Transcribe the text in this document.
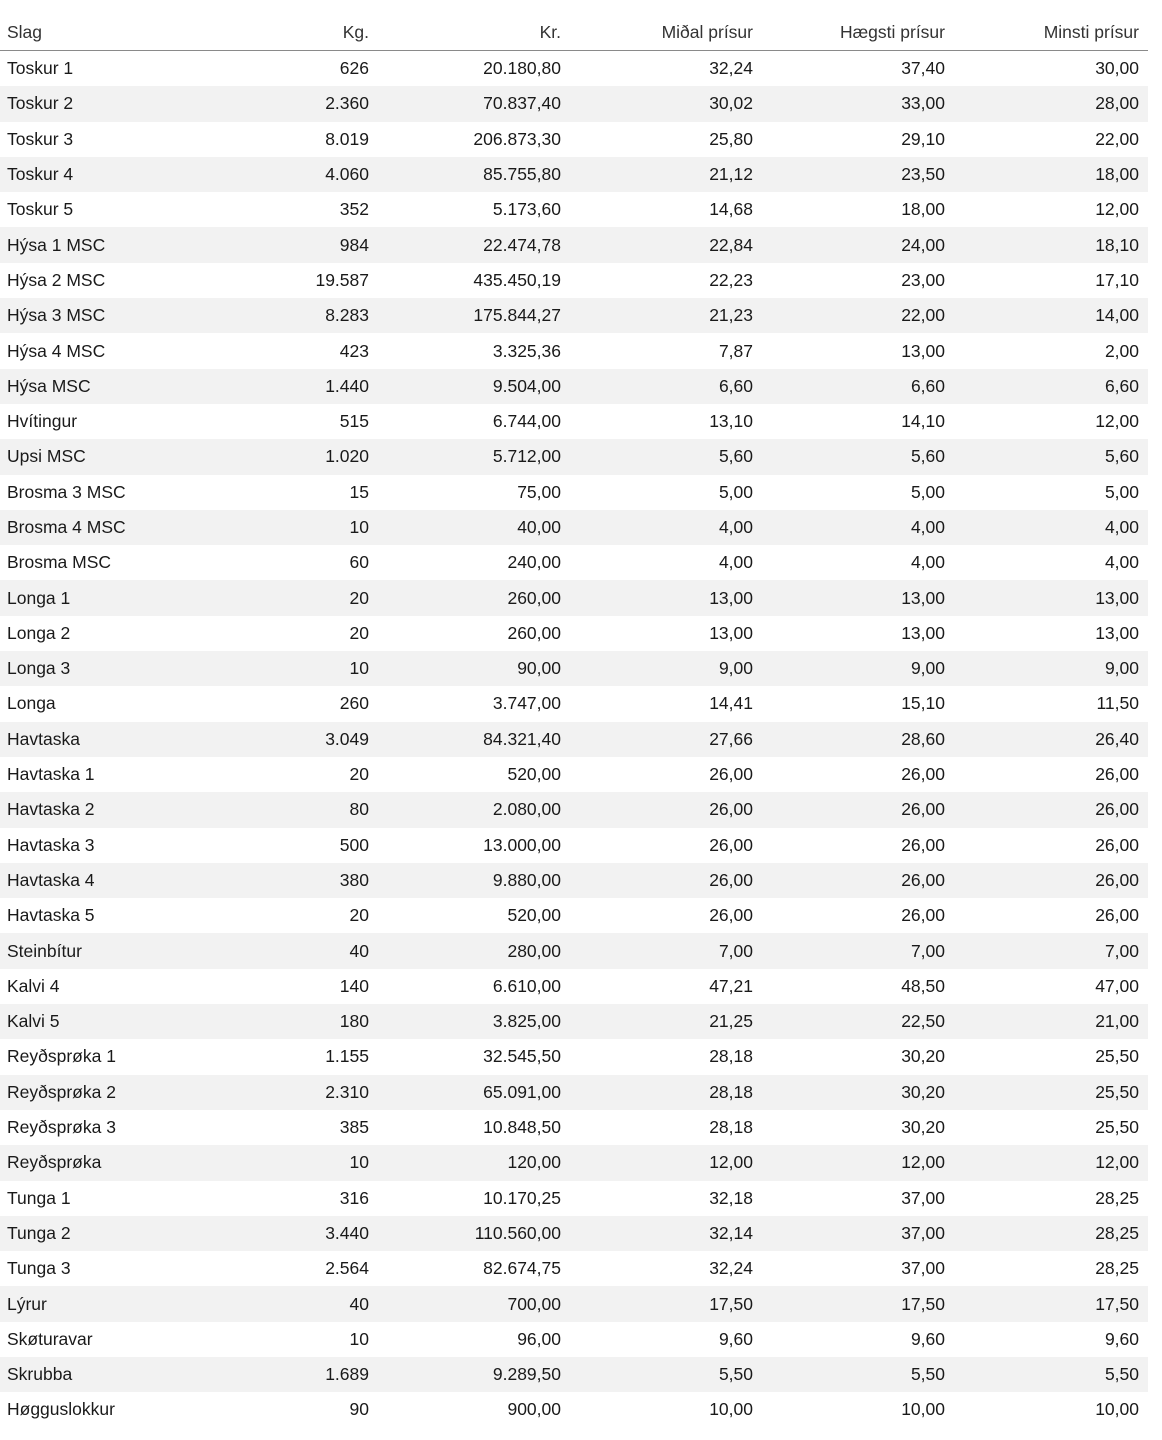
Slag	Kg.	Kr.	Miðal prísur	Hægsti prísur	Minsti prísur
Toskur 1	626	20.180,80	32,24	37,40	30,00
Toskur 2	2.360	70.837,40	30,02	33,00	28,00
Toskur 3	8.019	206.873,30	25,80	29,10	22,00
Toskur 4	4.060	85.755,80	21,12	23,50	18,00
Toskur 5	352	5.173,60	14,68	18,00	12,00
Hýsa 1 MSC	984	22.474,78	22,84	24,00	18,10
Hýsa 2 MSC	19.587	435.450,19	22,23	23,00	17,10
Hýsa 3 MSC	8.283	175.844,27	21,23	22,00	14,00
Hýsa 4 MSC	423	3.325,36	7,87	13,00	2,00
Hýsa MSC	1.440	9.504,00	6,60	6,60	6,60
Hvítingur	515	6.744,00	13,10	14,10	12,00
Upsi MSC	1.020	5.712,00	5,60	5,60	5,60
Brosma 3 MSC	15	75,00	5,00	5,00	5,00
Brosma 4 MSC	10	40,00	4,00	4,00	4,00
Brosma MSC	60	240,00	4,00	4,00	4,00
Longa 1	20	260,00	13,00	13,00	13,00
Longa 2	20	260,00	13,00	13,00	13,00
Longa 3	10	90,00	9,00	9,00	9,00
Longa	260	3.747,00	14,41	15,10	11,50
Havtaska	3.049	84.321,40	27,66	28,60	26,40
Havtaska 1	20	520,00	26,00	26,00	26,00
Havtaska 2	80	2.080,00	26,00	26,00	26,00
Havtaska 3	500	13.000,00	26,00	26,00	26,00
Havtaska 4	380	9.880,00	26,00	26,00	26,00
Havtaska 5	20	520,00	26,00	26,00	26,00
Steinbítur	40	280,00	7,00	7,00	7,00
Kalvi 4	140	6.610,00	47,21	48,50	47,00
Kalvi 5	180	3.825,00	21,25	22,50	21,00
Reyðsprøka 1	1.155	32.545,50	28,18	30,20	25,50
Reyðsprøka 2	2.310	65.091,00	28,18	30,20	25,50
Reyðsprøka 3	385	10.848,50	28,18	30,20	25,50
Reyðsprøka	10	120,00	12,00	12,00	12,00
Tunga 1	316	10.170,25	32,18	37,00	28,25
Tunga 2	3.440	110.560,00	32,14	37,00	28,25
Tunga 3	2.564	82.674,75	32,24	37,00	28,25
Lýrur	40	700,00	17,50	17,50	17,50
Skøturavar	10	96,00	9,60	9,60	9,60
Skrubba	1.689	9.289,50	5,50	5,50	5,50
Høgguslokkur	90	900,00	10,00	10,00	10,00
